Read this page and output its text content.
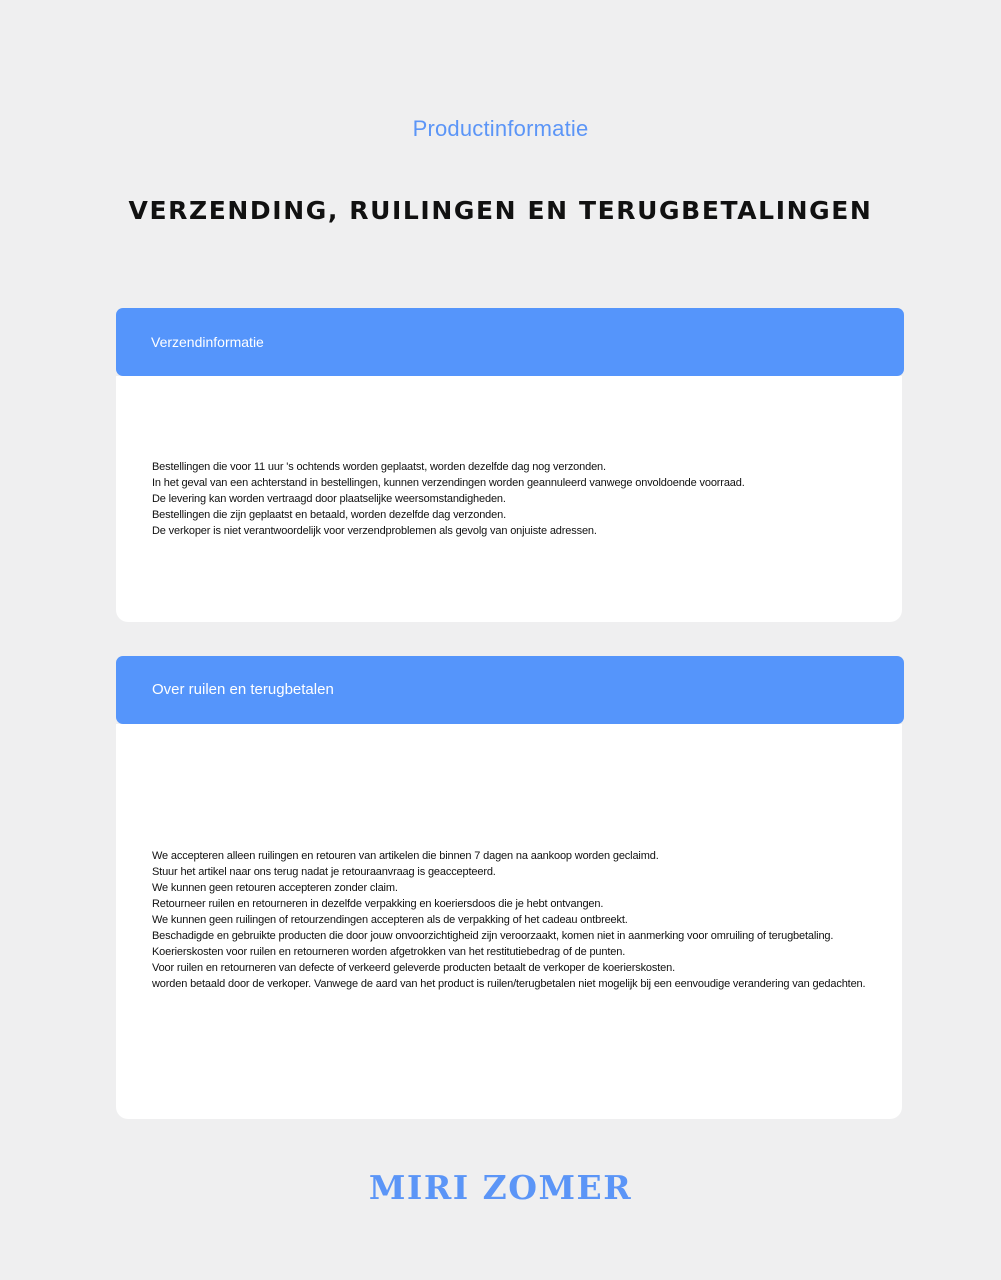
Productinformatie
VERZENDING, RUILINGEN EN TERUGBETALINGEN
Verzendinformatie
Bestellingen die voor 11 uur 's ochtends worden geplaatst, worden dezelfde dag nog verzonden.
In het geval van een achterstand in bestellingen, kunnen verzendingen worden geannuleerd vanwege onvoldoende voorraad.
De levering kan worden vertraagd door plaatselijke weersomstandigheden.
Bestellingen die zijn geplaatst en betaald, worden dezelfde dag verzonden.
De verkoper is niet verantwoordelijk voor verzendproblemen als gevolg van onjuiste adressen.
Over ruilen en terugbetalen
We accepteren alleen ruilingen en retouren van artikelen die binnen 7 dagen na aankoop worden geclaimd.
Stuur het artikel naar ons terug nadat je retouraanvraag is geaccepteerd.
We kunnen geen retouren accepteren zonder claim.
Retourneer ruilen en retourneren in dezelfde verpakking en koeriersdoos die je hebt ontvangen.
We kunnen geen ruilingen of retourzendingen accepteren als de verpakking of het cadeau ontbreekt.
Beschadigde en gebruikte producten die door jouw onvoorzichtigheid zijn veroorzaakt, komen niet in aanmerking voor omruiling of terugbetaling.
Koerierskosten voor ruilen en retourneren worden afgetrokken van het restitutiebedrag of de punten.
Voor ruilen en retourneren van defecte of verkeerd geleverde producten betaalt de verkoper de koerierskosten.
worden betaald door de verkoper. Vanwege de aard van het product is ruilen/terugbetalen niet mogelijk bij een eenvoudige verandering van gedachten.
MIRI ZOMER
